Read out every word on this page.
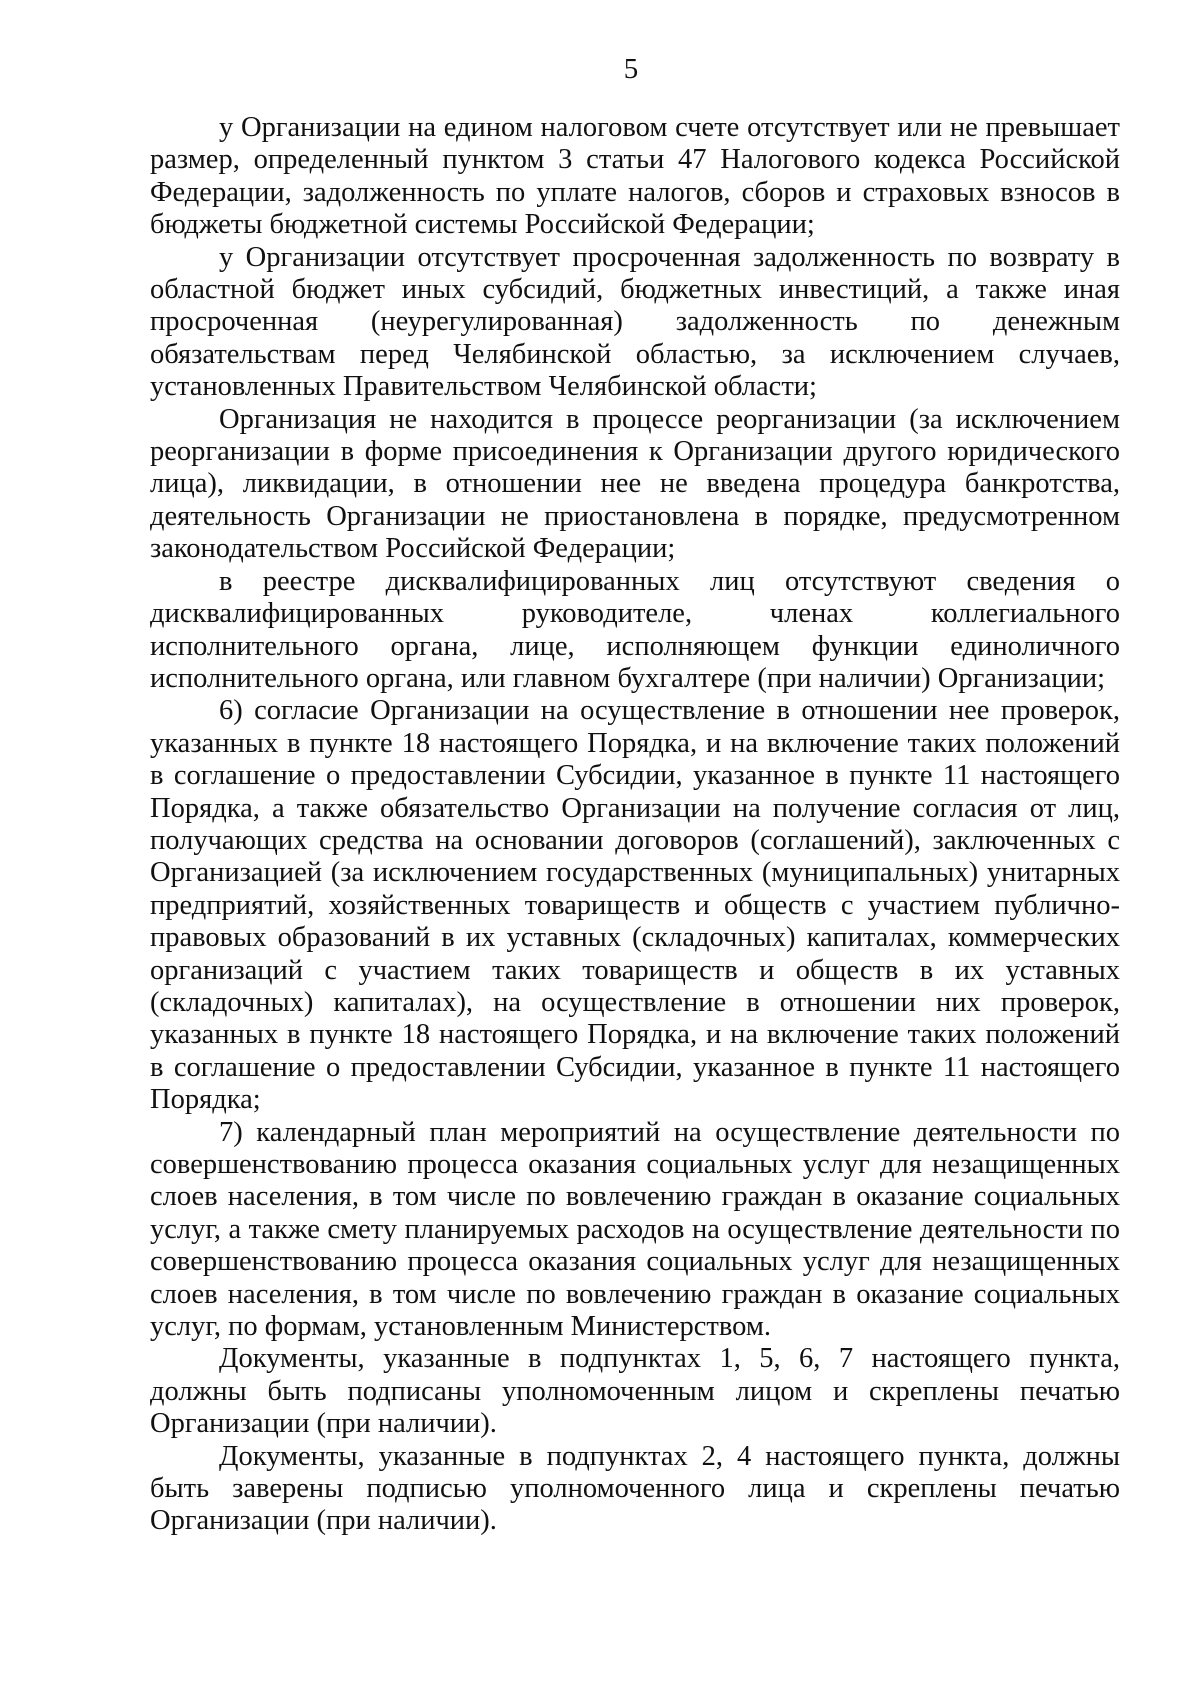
5

у Организации на едином налоговом счете отсутствует или не превышает размер, определенный пунктом 3 статьи 47 Налогового кодекса Российской Федерации, задолженность по уплате налогов, сборов и страховых взносов в бюджеты бюджетной системы Российской Федерации;

у Организации отсутствует просроченная задолженность по возврату в областной бюджет иных субсидий, бюджетных инвестиций, а также иная просроченная (неурегулированная) задолженность по денежным обязательствам перед Челябинской областью, за исключением случаев, установленных Правительством Челябинской области;

Организация не находится в процессе реорганизации (за исключением реорганизации в форме присоединения к Организации другого юридического лица), ликвидации, в отношении нее не введена процедура банкротства, деятельность Организации не приостановлена в порядке, предусмотренном законодательством Российской Федерации;

в реестре дисквалифицированных лиц отсутствуют сведения о дисквалифицированных руководителе, членах коллегиального исполнительного органа, лице, исполняющем функции единоличного исполнительного органа, или главном бухгалтере (при наличии) Организации;

6) согласие Организации на осуществление в отношении нее проверок, указанных в пункте 18 настоящего Порядка, и на включение таких положений в соглашение о предоставлении Субсидии, указанное в пункте 11 настоящего Порядка, а также обязательство Организации на получение согласия от лиц, получающих средства на основании договоров (соглашений), заключенных с Организацией (за исключением государственных (муниципальных) унитарных предприятий, хозяйственных товариществ и обществ с участием публично-правовых образований в их уставных (складочных) капиталах, коммерческих организаций с участием таких товариществ и обществ в их уставных (складочных) капиталах), на осуществление в отношении них проверок, указанных в пункте 18 настоящего Порядка, и на включение таких положений в соглашение о предоставлении Субсидии, указанное в пункте 11 настоящего Порядка;

7) календарный план мероприятий на осуществление деятельности по совершенствованию процесса оказания социальных услуг для незащищенных слоев населения, в том числе по вовлечению граждан в оказание социальных услуг, а также смету планируемых расходов на осуществление деятельности по совершенствованию процесса оказания социальных услуг для незащищенных слоев населения, в том числе по вовлечению граждан в оказание социальных услуг, по формам, установленным Министерством.

Документы, указанные в подпунктах 1, 5, 6, 7 настоящего пункта, должны быть подписаны уполномоченным лицом и скреплены печатью Организации (при наличии).

Документы, указанные в подпунктах 2, 4 настоящего пункта, должны быть заверены подписью уполномоченного лица и скреплены печатью Организации (при наличии).
